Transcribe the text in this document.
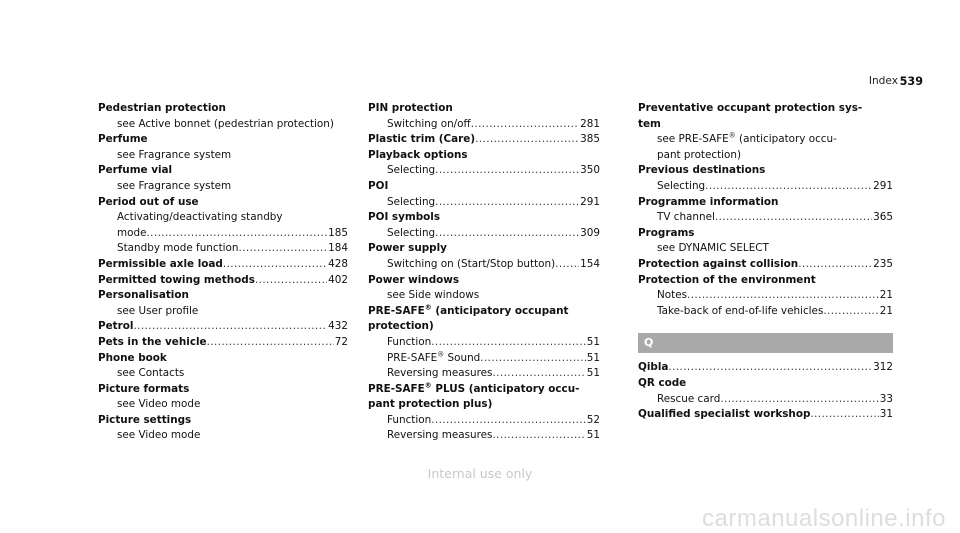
Index 539
Pedestrian protection
see Active bonnet (pedestrian protection)
Perfume
see Fragrance system
Perfume vial
see Fragrance system
Period out of use
Activating/deactivating standby
mode .....	185
Standby mode function .....	184
Permissible axle load .....	428
Permitted towing methods .....	402
Personalisation
see User profile
Petrol .....	432
Pets in the vehicle .....	72
Phone book
see Contacts
Picture formats
see Video mode
Picture settings
see Video mode
PIN protection
Switching on/off .....	281
Plastic trim (Care) .....	385
Playback options
Selecting .....	350
POI
Selecting .....	291
POI symbols
Selecting .....	309
Power supply
Switching on (Start/Stop button) ..... 154
Power windows
see Side windows
PRE-SAFE® (anticipatory occupant
protection)
Function .....	51
PRE-SAFE® Sound .....	51
Reversing measures .....	51
PRE-SAFE® PLUS (anticipatory occu-
pant protection plus)
Function .....	52
Reversing measures .....	51
Preventative occupant protection sys-
tem
see PRE-SAFE® (anticipatory occu-
pant protection)
Previous destinations
Selecting .....	291
Programme information
TV channel .....	365
Programs
see DYNAMIC SELECT
Protection against collision .....	235
Protection of the environment
Notes .....	21
Take-back of end-of-life vehicles .....	21
Q
Qibla .....	312
QR code
Rescue card .....	33
Qualified specialist workshop .....	31
Internal use only
carmanualsonline.info
